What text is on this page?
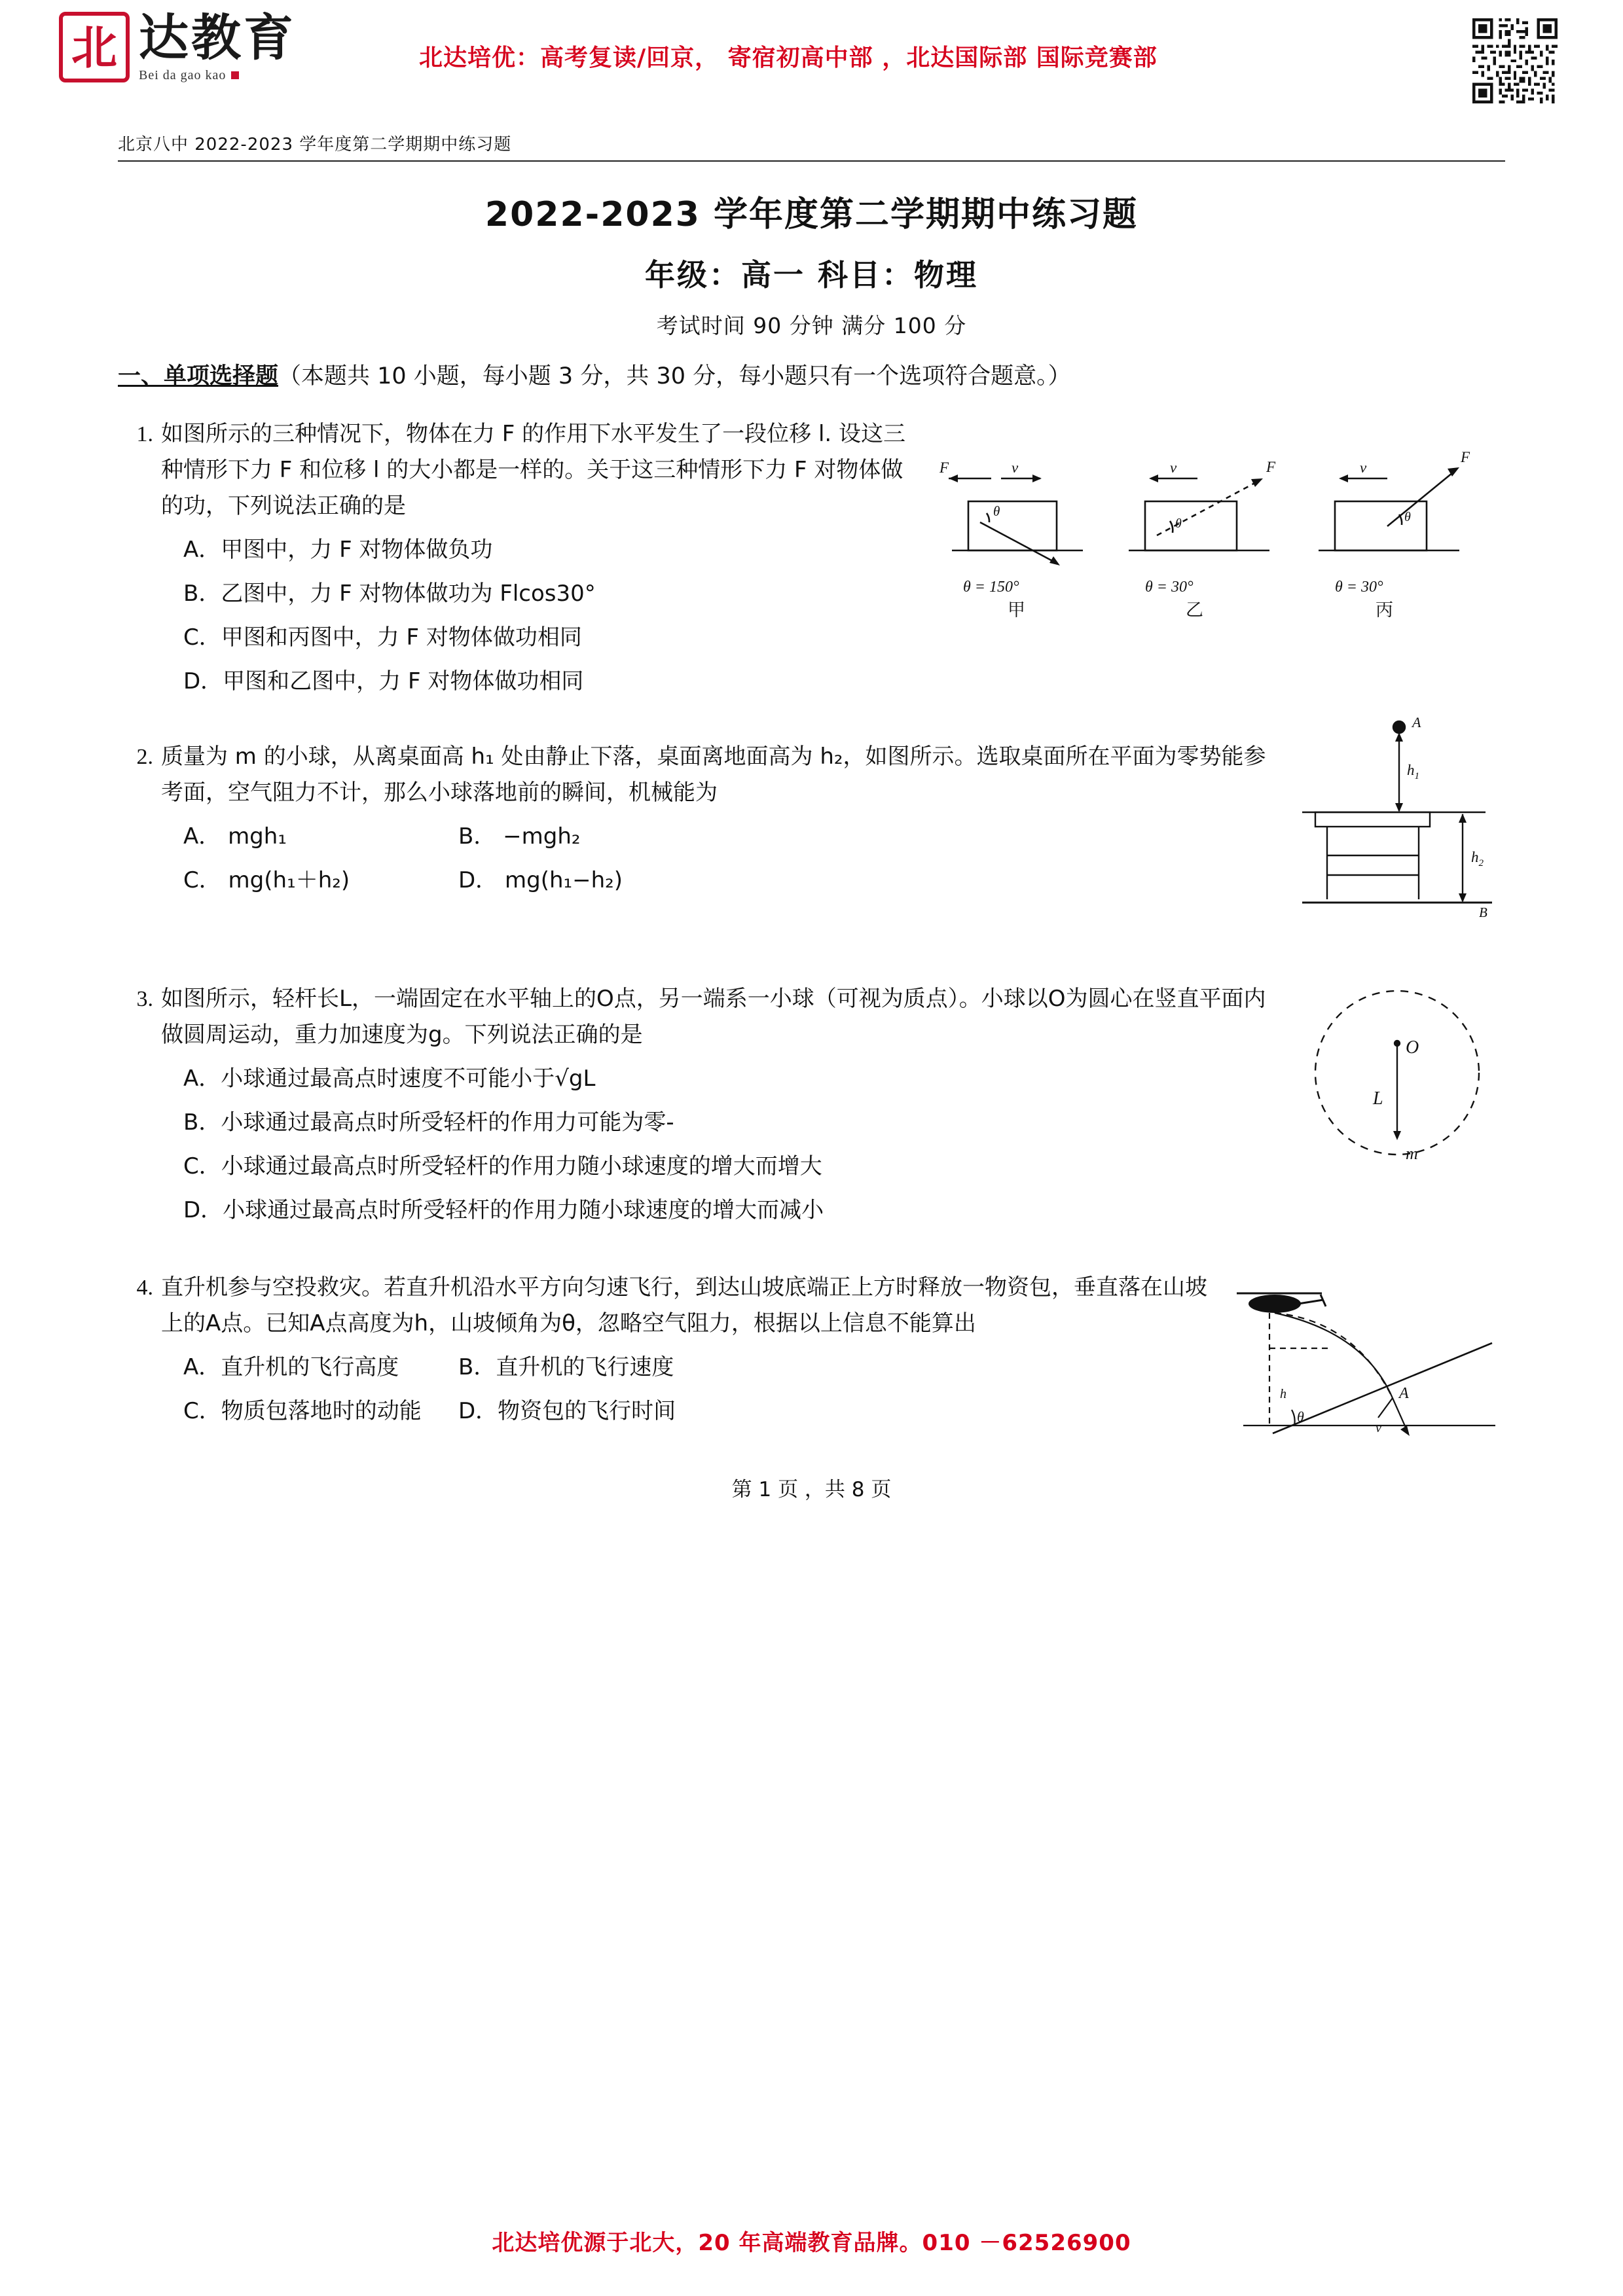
北 达教育
Bei da gao kao
北达培优：高考复读/回京， 寄宿初高中部 ，北达国际部 国际竞赛部
北京八中 2022-2023 学年度第二学期期中练习题
2022-2023 学年度第二学期期中练习题
年级：高一 科目：物理
考试时间 90 分钟 满分 100 分
一、单项选择题（本题共 10 小题，每小题 3 分，共 30 分，每小题只有一个选项符合题意。）
1.
F	v
θ
θ = 150°
甲
v	F
θ
θ = 30°
乙
v
F
θ
θ = 30°
丙

如图所示的三种情况下，物体在力 F 的作用下水平发生了一段位移 l. 设这三种情形下力 F 和位移 l 的大小都是一样的。关于这三种情形下力 F 对物体做的功，下列说法正确的是

A．甲图中，力 F 对物体做负功
B．乙图中，力 F 对物体做功为 Flcos30°
C．甲图和丙图中，力 F 对物体做功相同
D．甲图和乙图中，力 F 对物体做功相同
2.
A
$h_1$
$h_2$
B

质量为 m 的小球，从离桌面高 h₁ 处由静止下落，桌面离地面高为 h₂，如图所示。选取桌面所在平面为零势能参考面，空气阻力不计，那么小球落地前的瞬间，机械能为

A． mgh₁	B． −mgh₂
C． mg(h₁＋h₂)	D． mg(h₁−h₂)
3.
O
L
m

如图所示，轻杆长L，一端固定在水平轴上的O点，另一端系一小球（可视为质点）。小球以O为圆心在竖直平面内做圆周运动，重力加速度为g。下列说法正确的是

A．小球通过最高点时速度不可能小于√gL
B．小球通过最高点时所受轻杆的作用力可能为零-
C．小球通过最高点时所受轻杆的作用力随小球速度的增大而增大
D．小球通过最高点时所受轻杆的作用力随小球速度的增大而减小
4.
A
v
h
θ

直升机参与空投救灾。若直升机沿水平方向匀速飞行，到达山坡底端正上方时释放一物资包，垂直落在山坡上的A点。已知A点高度为h，山坡倾角为θ，忽略空气阻力，根据以上信息不能算出

A．直升机的飞行高度	B．直升机的飞行速度
C．物质包落地时的动能	D．物资包的飞行时间
第 1 页 ，共 8 页
北达培优源于北大，20 年高端教育品牌。010 －62526900
